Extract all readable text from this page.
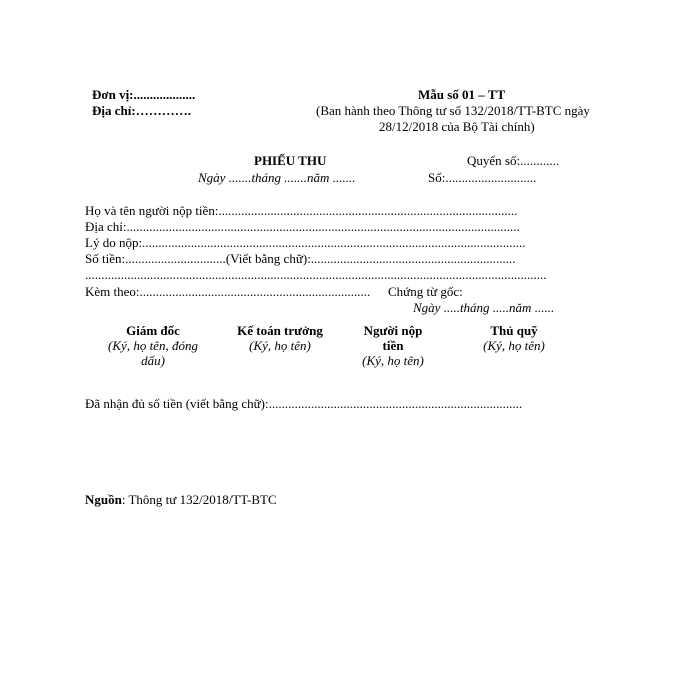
Đơn vị:...................
Địa chỉ:………….
Mẫu số 01 – TT
(Ban hành theo Thông tư số 132/2018/TT-BTC ngày
28/12/2018 của Bộ Tài chính)
PHIẾU THU
Ngày .......tháng .......năm .......
Quyển số:............
Số:............................
Họ và tên người nộp tiền:............................................................................................
Địa chỉ:.........................................................................................................................
Lý do nộp:......................................................................................................................
Số tiền:...............................(Viết bằng chữ):...............................................................
..............................................................................................................................................
Kèm theo:....................................................................... Chứng từ gốc:
Ngày .....tháng .....năm ......
Giám đốc
(Ký, họ tên, đóng dấu)
Kế toán trưởng
(Ký, họ tên)
Người nộp tiền
(Ký, họ tên)
Thủ quỹ
(Ký, họ tên)
Đã nhận đủ số tiền (viết bằng chữ):..............................................................................
Nguồn: Thông tư 132/2018/TT-BTC
